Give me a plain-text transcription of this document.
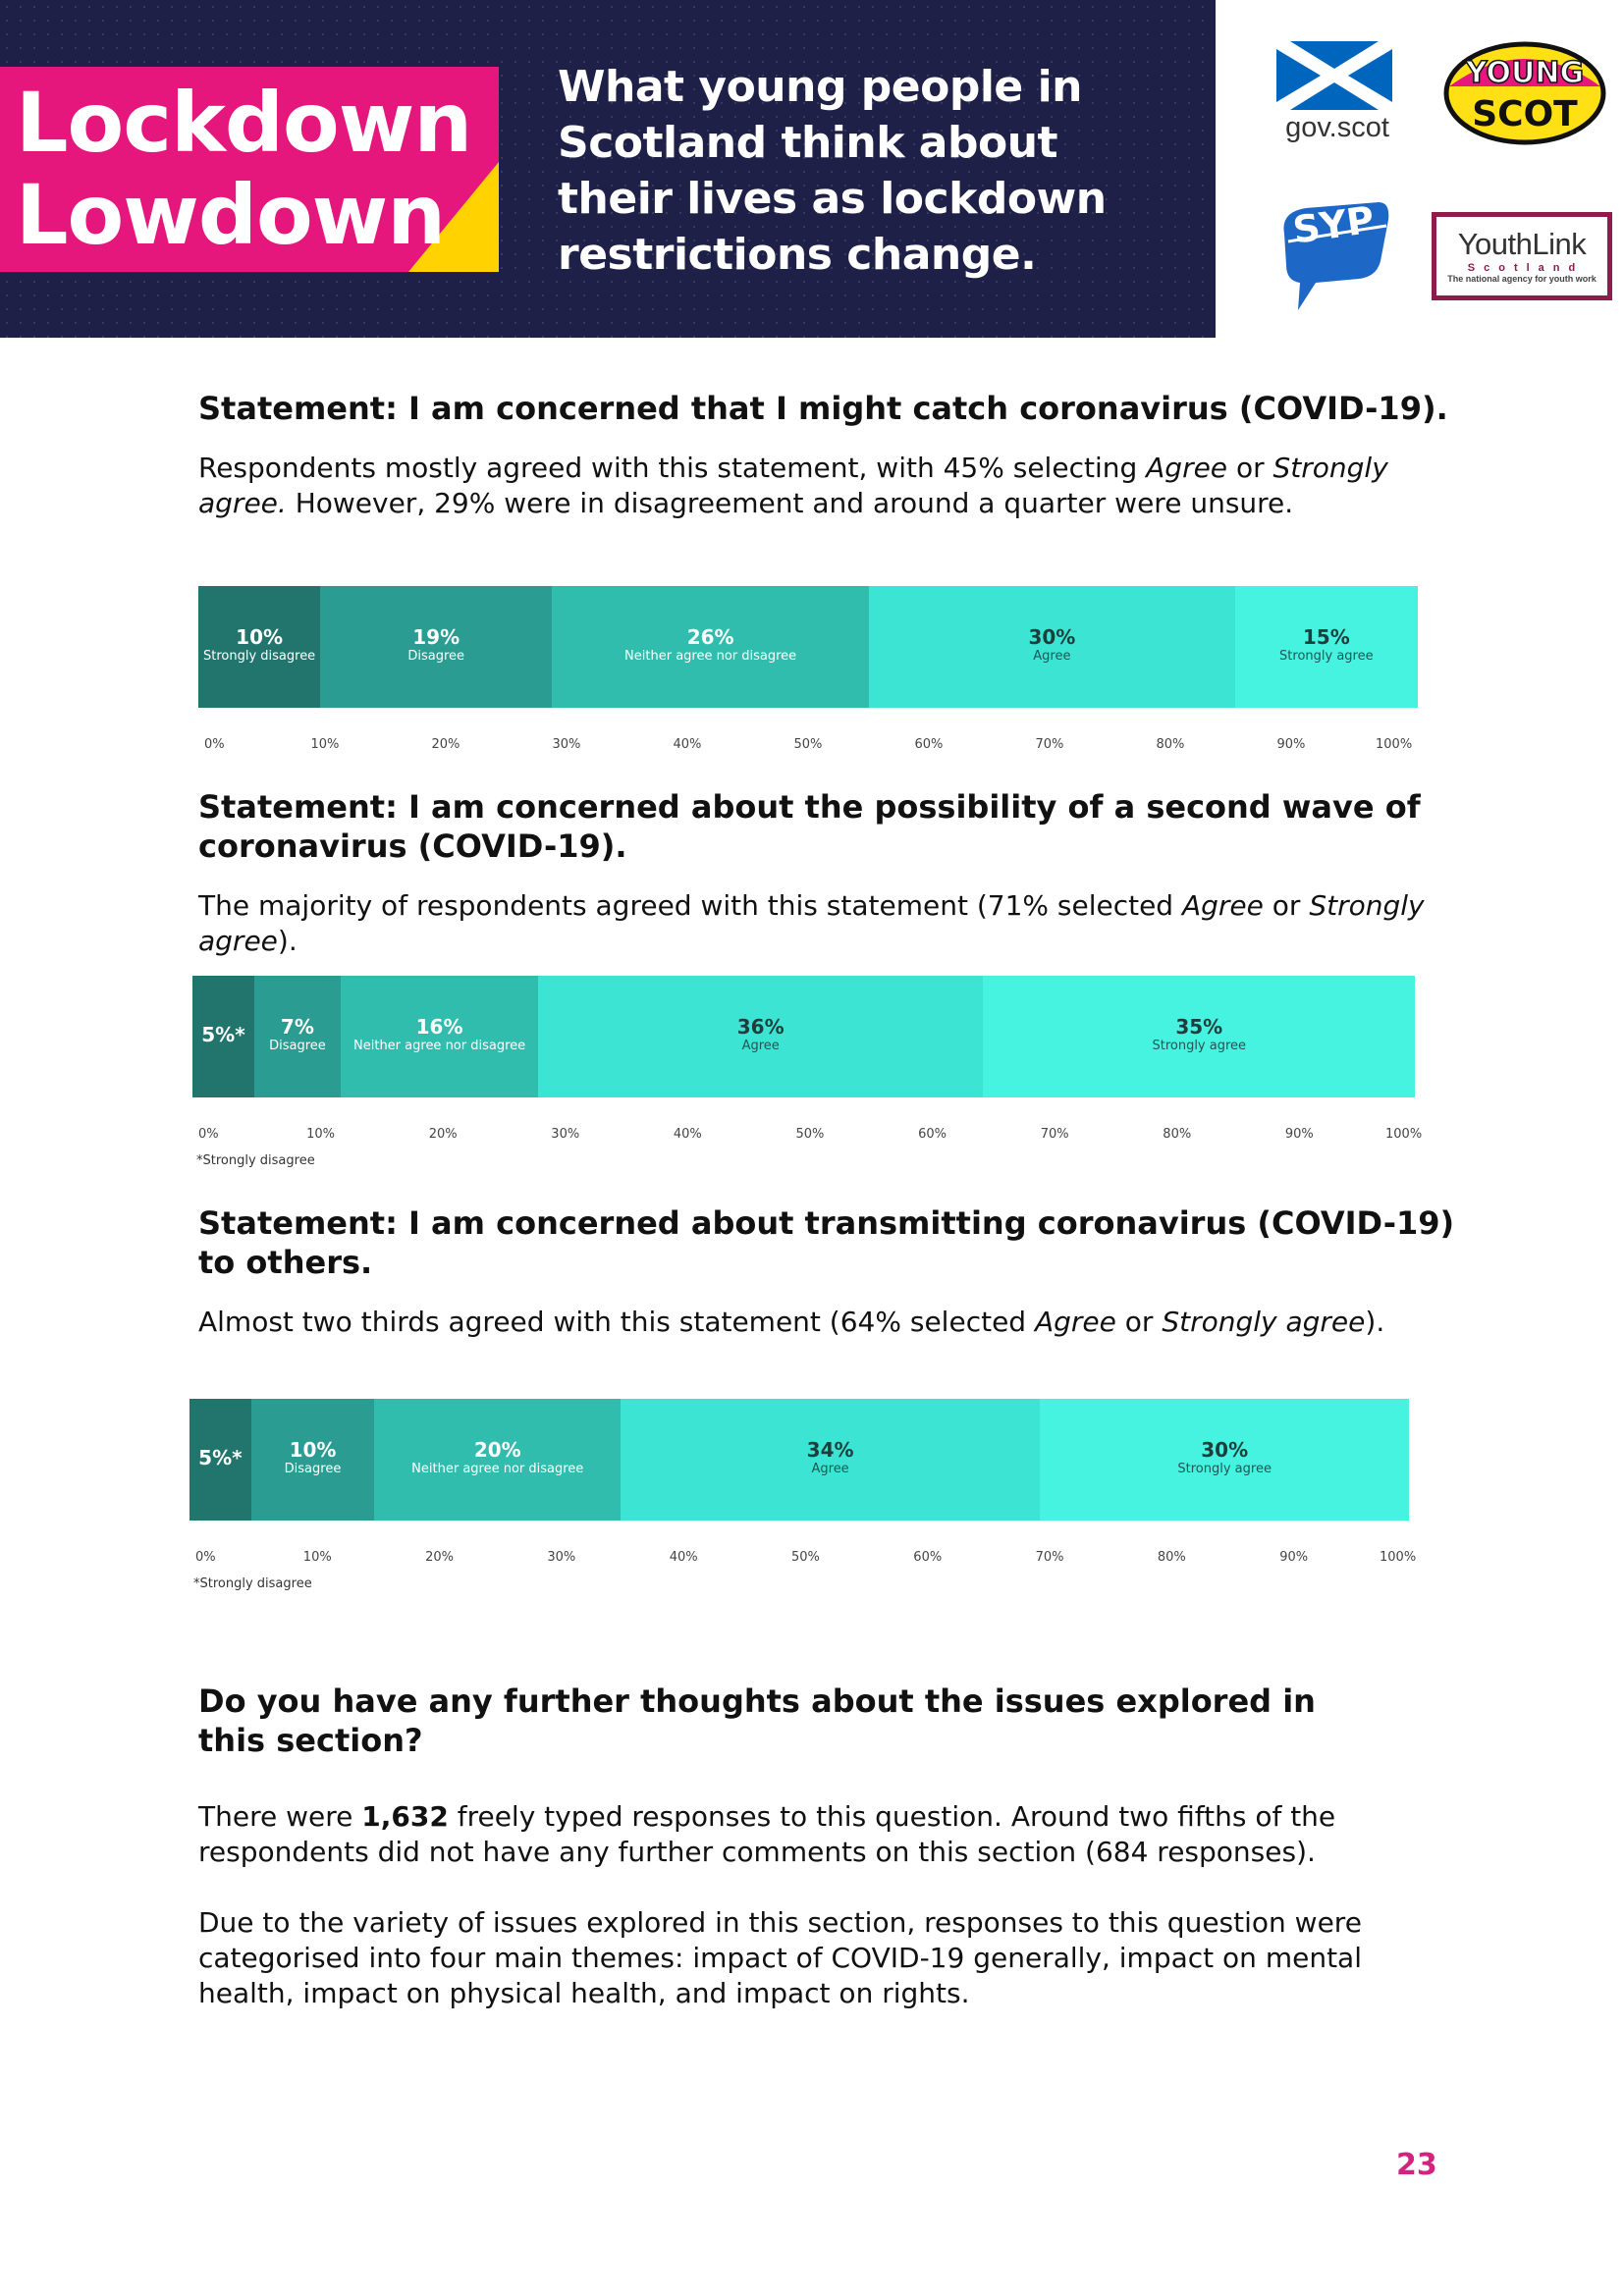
Lockdown
Lowdown

What young people in Scotland think about their lives as lockdown restrictions change.

gov.scot
YOUNG
SCOT
SYP	YouthLink
Scotland
The national agency for youth work
Statement: I am concerned that I might catch coronavirus (COVID-19).

Respondents mostly agreed with this statement, with 45% selecting Agree or Strongly agree. However, 29% were in disagreement and around a quarter were unsure.

10%
Strongly disagree
19%
Disagree
26%
Neither agree nor disagree
30%
Agree
15%
Strongly agree
0%	10%	20%	30%	40%	50%	60%	70%	80%	90%	100%
Statement: I am concerned about the possibility of a second wave of coronavirus (COVID-19).

The majority of respondents agreed with this statement (71% selected Agree or Strongly agree).

5%*	7%
Disagree
16%
Neither agree nor disagree
36%
Agree
35%
Strongly agree
0%	10%	20%	30%	40%	50%	60%	70%	80%	90%	100%
*Strongly disagree
Statement: I am concerned about transmitting coronavirus (COVID-19) to others.

Almost two thirds agreed with this statement (64% selected Agree or Strongly agree).

5%*	10%
Disagree
20%
Neither agree nor disagree
34%
Agree
30%
Strongly agree
0%	10%	20%	30%	40%	50%	60%	70%	80%	90%	100%
*Strongly disagree
Do you have any further thoughts about the issues explored in this section?

There were 1,632 freely typed responses to this question. Around two fifths of the respondents did not have any further comments on this section (684 responses).

Due to the variety of issues explored in this section, responses to this question were categorised into four main themes: impact of COVID-19 generally, impact on mental health, impact on physical health, and impact on rights.

23
